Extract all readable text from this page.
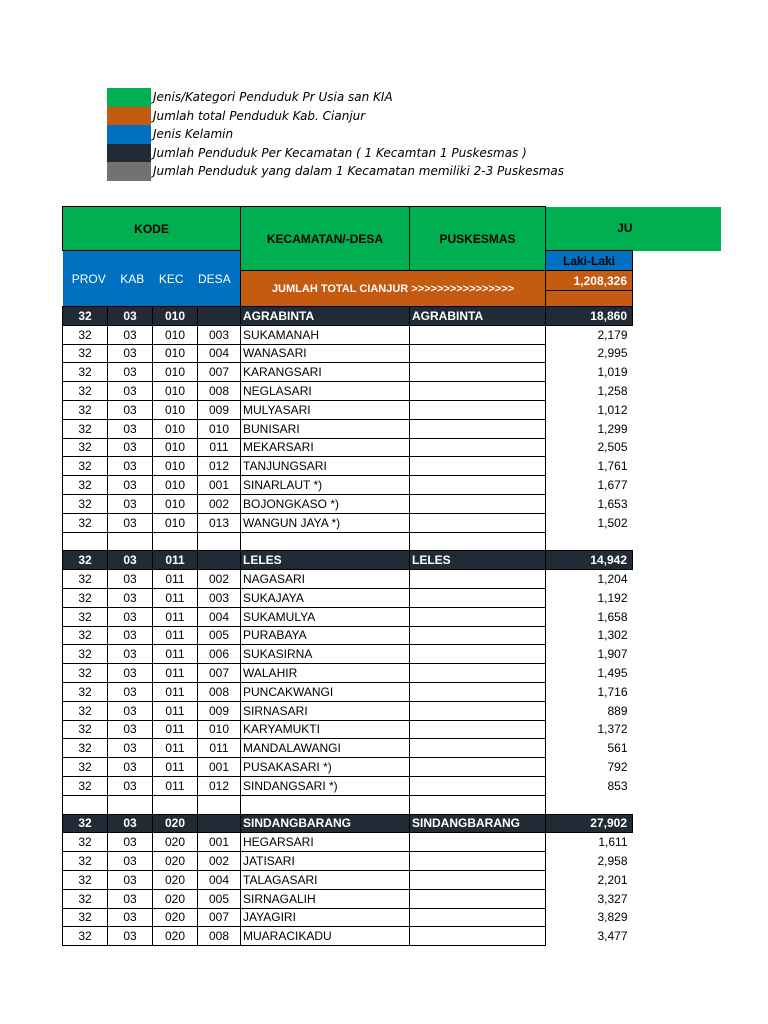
Jenis/Kategori Penduduk Pr Usia san KIA
Jumlah total Penduduk Kab. Cianjur
Jenis Kelamin
Jumlah Penduduk Per Kecamatan ( 1 Kecamtan 1 Puskesmas )
Jumlah Penduduk yang dalam 1 Kecamatan memiliki 2-3 Puskesmas
KODE				KECAMATAN/-DESA	PUSKESMAS	JU	

PROV KAB KEC DESA						Laki-Laki	
				JUMLAH TOTAL CIANJUR >>>>>>>>>>>>>>>>		1,208,326	

32	03	010		AGRABINTA	AGRABINTA	18,860	
32	03	010	003	SUKAMANAH		2,179	
32	03	010	004	WANASARI		2,995	
32	03	010	007	KARANGSARI		1,019	
32	03	010	008	NEGLASARI		1,258	
32	03	010	009	MULYASARI		1,012	
32	03	010	010	BUNISARI		1,299	
32	03	010	011	MEKARSARI		2,505	
32	03	010	012	TANJUNGSARI		1,761	
32	03	010	001	SINARLAUT *)		1,677	
32	03	010	002	BOJONGKASO *)		1,653	
32	03	010	013	WANGUN JAYA *)		1,502	

32	03	011		LELES	LELES	14,942	
32	03	011	002	NAGASARI		1,204	
32	03	011	003	SUKAJAYA		1,192	
32	03	011	004	SUKAMULYA		1,658	
32	03	011	005	PURABAYA		1,302	
32	03	011	006	SUKASIRNA		1,907	
32	03	011	007	WALAHIR		1,495	
32	03	011	008	PUNCAKWANGI		1,716	
32	03	011	009	SIRNASARI		889	
32	03	011	010	KARYAMUKTI		1,372	
32	03	011	011	MANDALAWANGI		561	
32	03	011	001	PUSAKASARI *)		792	
32	03	011	012	SINDANGSARI *)		853	

32	03	020		SINDANGBARANG	SINDANGBARANG	27,902	
32	03	020	001	HEGARSARI		1,611	
32	03	020	002	JATISARI		2,958	
32	03	020	004	TALAGASARI		2,201	
32	03	020	005	SIRNAGALIH		3,327	
32	03	020	007	JAYAGIRI		3,829	
32	03	020	008	MUARACIKADU		3,477	
